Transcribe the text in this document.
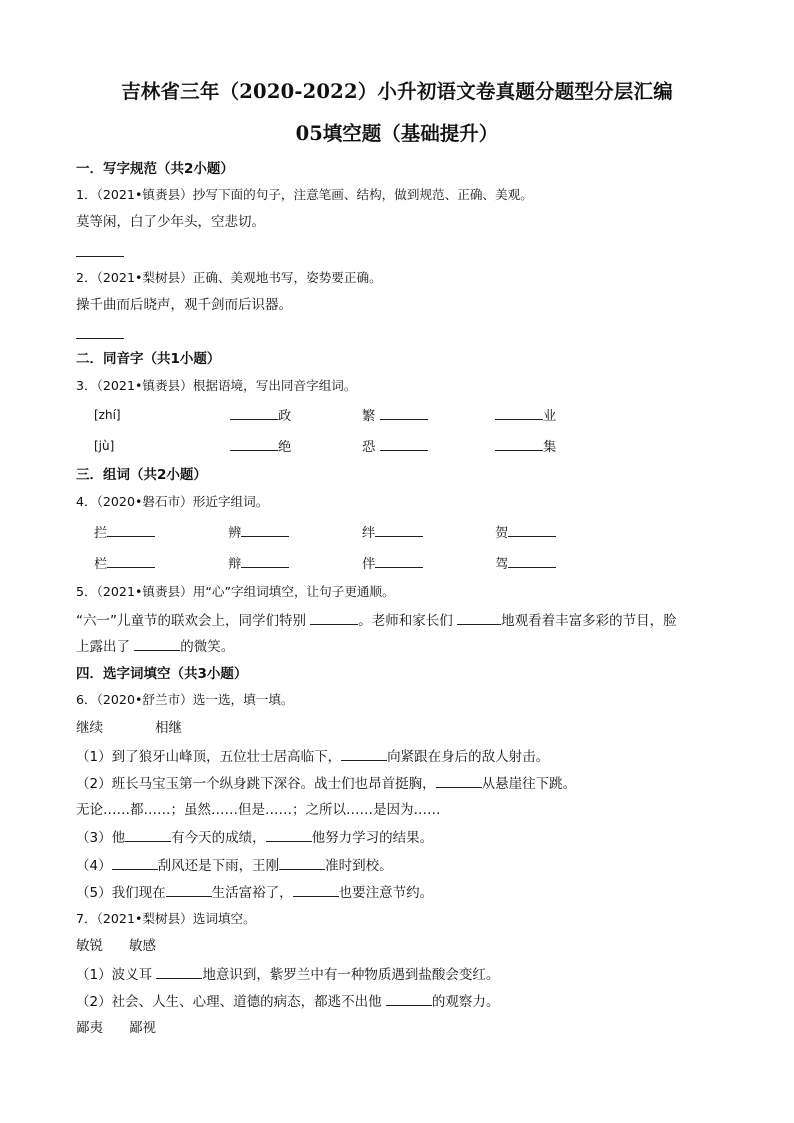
吉林省三年（2020-2022）小升初语文卷真题分题型分层汇编
05填空题（基础提升）
一．写字规范（共2小题）
1．（2021•镇赉县）抄写下面的句子，注意笔画、结构，做到规范、正确、美观。
莫等闲，白了少年头，空悲切。
2．（2021•梨树县）正确、美观地书写，姿势要正确。
操千曲而后晓声，观千剑而后识器。
二．同音字（共1小题）
3．（2021•镇赉县）根据语境，写出同音字组词。
[zhí]	政	繁	业
[jù]	绝	恐	集
三．组词（共2小题）
4．（2020•磐石市）形近字组词。
拦	辨	绊	贺
栏	辩	伴	驾
5．（2021•镇赉县）用“心”字组词填空，让句子更通顺。
“六一”儿童节的联欢会上，同学们特别	。老师和家长们	地观看着丰富多彩的节目，脸
上露出了	的微笑。
四．选字词填空（共3小题）
6．（2020•舒兰市）选一选，填一填。
继续	相继
（1）到了狼牙山峰顶，五位壮士居高临下，	向紧跟在身后的敌人射击。
（2）班长马宝玉第一个纵身跳下深谷。战士们也昂首挺胸，	从悬崖往下跳。
无论……都……；虽然……但是……；之所以……是因为……
（3）他	有今天的成绩，	他努力学习的结果。
（4）	刮风还是下雨，王刚	准时到校。
（5）我们现在	生活富裕了，	也要注意节约。
7．（2021•梨树县）选词填空。
敏锐 敏感
（1）波义耳	地意识到，紫罗兰中有一种物质遇到盐酸会变红。
（2）社会、人生、心理、道德的病态，都逃不出他	的观察力。
鄙夷 鄙视
